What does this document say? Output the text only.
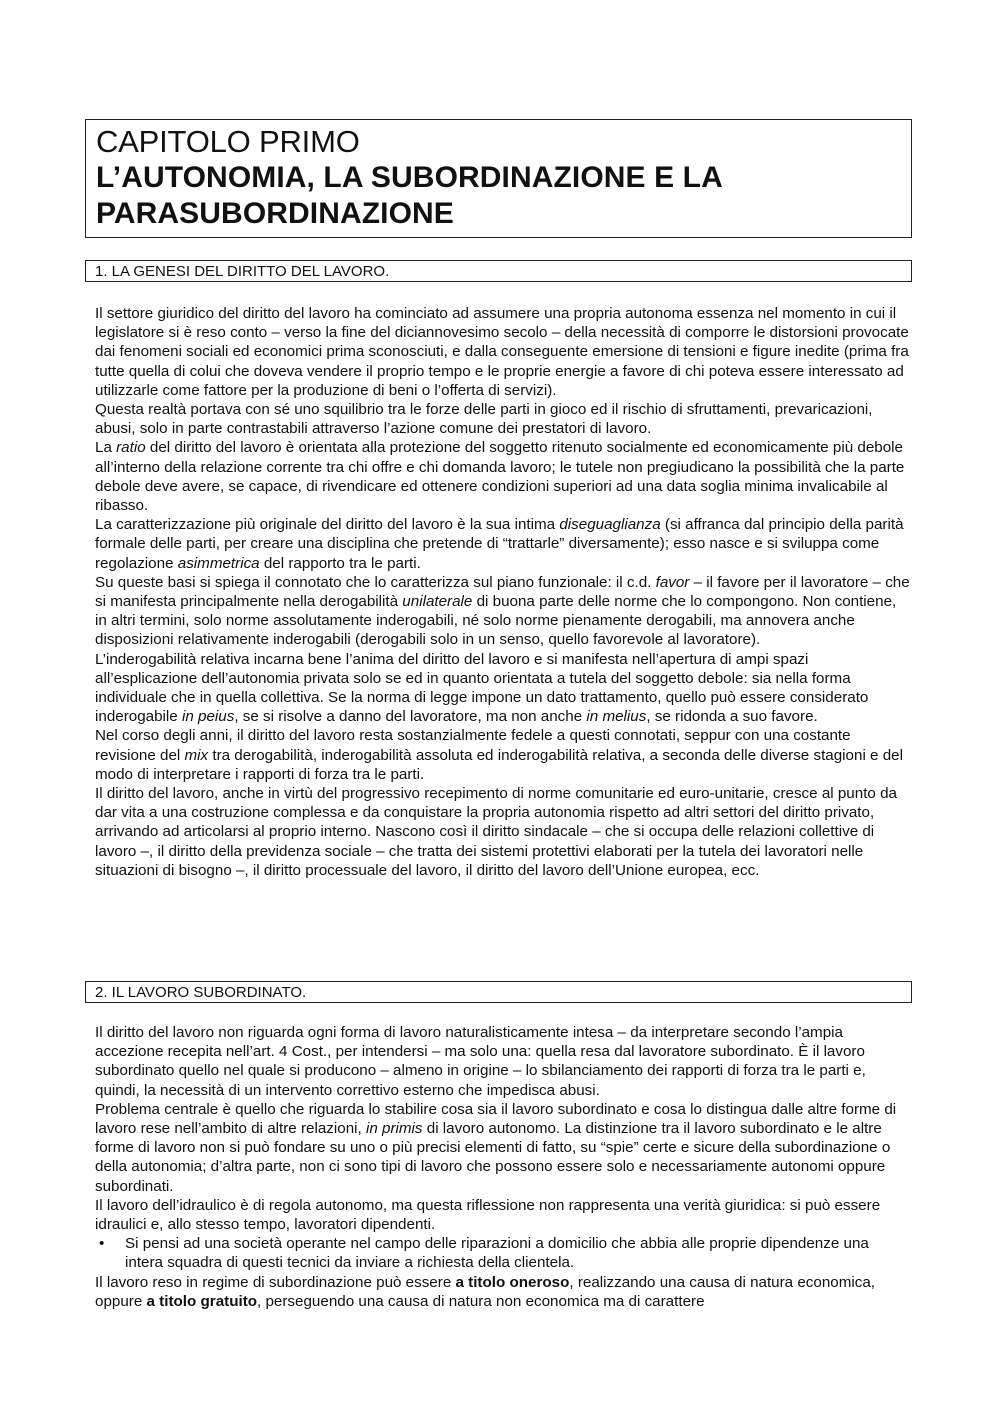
CAPITOLO PRIMO
L’AUTONOMIA, LA SUBORDINAZIONE E LA
PARASUBORDINAZIONE
1. LA GENESI DEL DIRITTO DEL LAVORO.

Il settore giuridico del diritto del lavoro ha cominciato ad assumere una propria autonoma essenza nel momento in cui il legislatore si è reso conto – verso la fine del diciannovesimo secolo – della necessità di comporre le distorsioni provocate dai fenomeni sociali ed economici prima sconosciuti, e dalla conseguente emersione di tensioni e figure inedite (prima fra tutte quella di colui che doveva vendere il proprio tempo e le proprie energie a favore di chi poteva essere interessato ad utilizzarle come fattore per la produzione di beni o l’offerta di servizi).

Questa realtà portava con sé uno squilibrio tra le forze delle parti in gioco ed il rischio di sfruttamenti, prevaricazioni, abusi, solo in parte contrastabili attraverso l’azione comune dei prestatori di lavoro.

La ratio del diritto del lavoro è orientata alla protezione del soggetto ritenuto socialmente ed economicamente più debole all’interno della relazione corrente tra chi offre e chi domanda lavoro; le tutele non pregiudicano la possibilità che la parte debole deve avere, se capace, di rivendicare ed ottenere condizioni superiori ad una data soglia minima invalicabile al ribasso.

La caratterizzazione più originale del diritto del lavoro è la sua intima diseguaglianza (si affranca dal principio della parità formale delle parti, per creare una disciplina che pretende di “trattarle” diversamente); esso nasce e si sviluppa come regolazione asimmetrica del rapporto tra le parti.

Su queste basi si spiega il connotato che lo caratterizza sul piano funzionale: il c.d. favor – il favore per il lavoratore – che si manifesta principalmente nella derogabilità unilaterale di buona parte delle norme che lo compongono. Non contiene, in altri termini, solo norme assolutamente inderogabili, né solo norme pienamente derogabili, ma annovera anche disposizioni relativamente inderogabili (derogabili solo in un senso, quello favorevole al lavoratore).

L’inderogabilità relativa incarna bene l’anima del diritto del lavoro e si manifesta nell’apertura di ampi spazi all’esplicazione dell’autonomia privata solo se ed in quanto orientata a tutela del soggetto debole: sia nella forma individuale che in quella collettiva. Se la norma di legge impone un dato trattamento, quello può essere considerato inderogabile in peius, se si risolve a danno del lavoratore, ma non anche in melius, se ridonda a suo favore.

Nel corso degli anni, il diritto del lavoro resta sostanzialmente fedele a questi connotati, seppur con una costante revisione del mix tra derogabilità, inderogabilità assoluta ed inderogabilità relativa, a seconda delle diverse stagioni e del modo di interpretare i rapporti di forza tra le parti.

Il diritto del lavoro, anche in virtù del progressivo recepimento di norme comunitarie ed euro-unitarie, cresce al punto da dar vita a una costruzione complessa e da conquistare la propria autonomia rispetto ad altri settori del diritto privato, arrivando ad articolarsi al proprio interno. Nascono così il diritto sindacale – che si occupa delle relazioni collettive di lavoro –, il diritto della previdenza sociale – che tratta dei sistemi protettivi elaborati per la tutela dei lavoratori nelle situazioni di bisogno –, il diritto processuale del lavoro, il diritto del lavoro dell’Unione europea, ecc.

2. IL LAVORO SUBORDINATO.

Il diritto del lavoro non riguarda ogni forma di lavoro naturalisticamente intesa – da interpretare secondo l’ampia accezione recepita nell’art. 4 Cost., per intendersi – ma solo una: quella resa dal lavoratore subordinato. È il lavoro subordinato quello nel quale si producono – almeno in origine – lo sbilanciamento dei rapporti di forza tra le parti e, quindi, la necessità di un intervento correttivo esterno che impedisca abusi.

Problema centrale è quello che riguarda lo stabilire cosa sia il lavoro subordinato e cosa lo distingua dalle altre forme di lavoro rese nell’ambito di altre relazioni, in primis di lavoro autonomo. La distinzione tra il lavoro subordinato e le altre forme di lavoro non si può fondare su uno o più precisi elementi di fatto, su “spie” certe e sicure della subordinazione o della autonomia; d’altra parte, non ci sono tipi di lavoro che possono essere solo e necessariamente autonomi oppure subordinati.

Il lavoro dell’idraulico è di regola autonomo, ma questa riflessione non rappresenta una verità giuridica: si può essere idraulici e, allo stesso tempo, lavoratori dipendenti.

•	Si pensi ad una società operante nel campo delle riparazioni a domicilio che abbia alle proprie dipendenze una intera squadra di questi tecnici da inviare a richiesta della clientela.

Il lavoro reso in regime di subordinazione può essere a titolo oneroso, realizzando una causa di natura economica, oppure a titolo gratuito, perseguendo una causa di natura non economica ma di carattere
